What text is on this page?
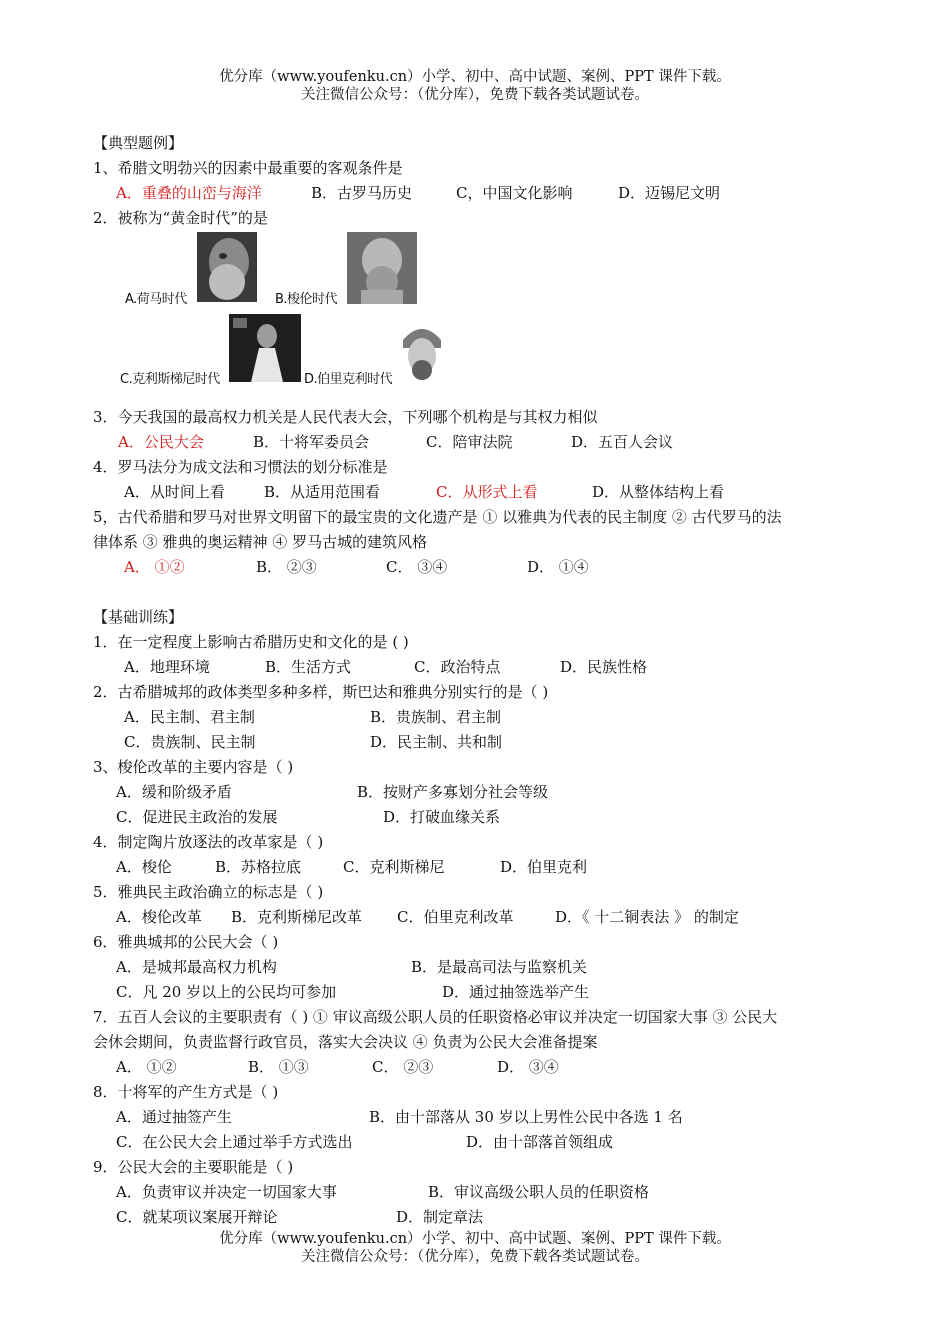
优分库（www.youfenku.cn）小学、初中、高中试题、案例、PPT 课件下载。
关注微信公众号：（优分库），免费下载各类试题试卷。
【典型题例】
1、希腊文明勃兴的因素中最重要的客观条件是
A．重叠的山峦与海洋	B．古罗马历史	C，中国文化影响	D．迈锡尼文明
2．被称为“黄金时代”的是
A.荷马时代	B.梭伦时代
C.克利斯梯尼时代	D.伯里克利时代
3．今天我国的最高权力机关是人民代表大会，下列哪个机构是与其权力相似
A．公民大会	B．十将军委员会	C．陪审法院	D．五百人会议
4．罗马法分为成文法和习惯法的划分标准是
A．从时间上看	B．从适用范围看	C．从形式上看	D．从整体结构上看
5，古代希腊和罗马对世界文明留下的最宝贵的文化遗产是 ① 以雅典为代表的民主制度 ② 古代罗马的法
律体系 ③ 雅典的奥运精神 ④ 罗马古城的建筑风格
A． ①②	B． ②③	C． ③④	D． ①④
【基础训练】
1．在一定程度上影响古希腊历史和文化的是 ( )
A．地理环境	B．生活方式	C．政治特点	D．民族性格
2．古希腊城邦的政体类型多种多样，斯巴达和雅典分别实行的是（ )
A．民主制、君主制	B．贵族制、君主制
C．贵族制、民主制	D．民主制、共和制
3、梭伦改革的主要内容是（ )
A．缓和阶级矛盾	B．按财产多寡划分社会等级
C．促进民主政治的发展	D．打破血缘关系
4．制定陶片放逐法的改革家是（ )
A．梭伦	B．苏格拉底	C．克利斯梯尼	D．伯里克利
5．雅典民主政治确立的标志是（ )
A．梭伦改革 B．克利斯梯尼改革 C．伯里克利改革	D．《 十二铜表法 》 的制定
6．雅典城邦的公民大会（ )
A．是城邦最高权力机构	B．是最高司法与监察机关
C．凡 20 岁以上的公民均可参加	D．通过抽签选举产生
7．五百人会议的主要职责有（ ) ① 审议高级公职人员的任职资格必审议并决定一切国家大事 ③ 公民大
会休会期间，负责监督行政官员，落实大会决议 ④ 负责为公民大会准备提案
A． ①②	B． ①③	C． ②③	D． ③④
8．十将军的产生方式是（ )
A．通过抽签产生	B．由十部落从 30 岁以上男性公民中各选 1 名
C．在公民大会上通过举手方式选出	D．由十部落首领组成
9．公民大会的主要职能是（ )
A．负责审议并决定一切国家大事	B．审议高级公职人员的任职资格
C．就某项议案展开辩论	D．制定章法
优分库（www.youfenku.cn）小学、初中、高中试题、案例、PPT 课件下载。
关注微信公众号：（优分库），免费下载各类试题试卷。
